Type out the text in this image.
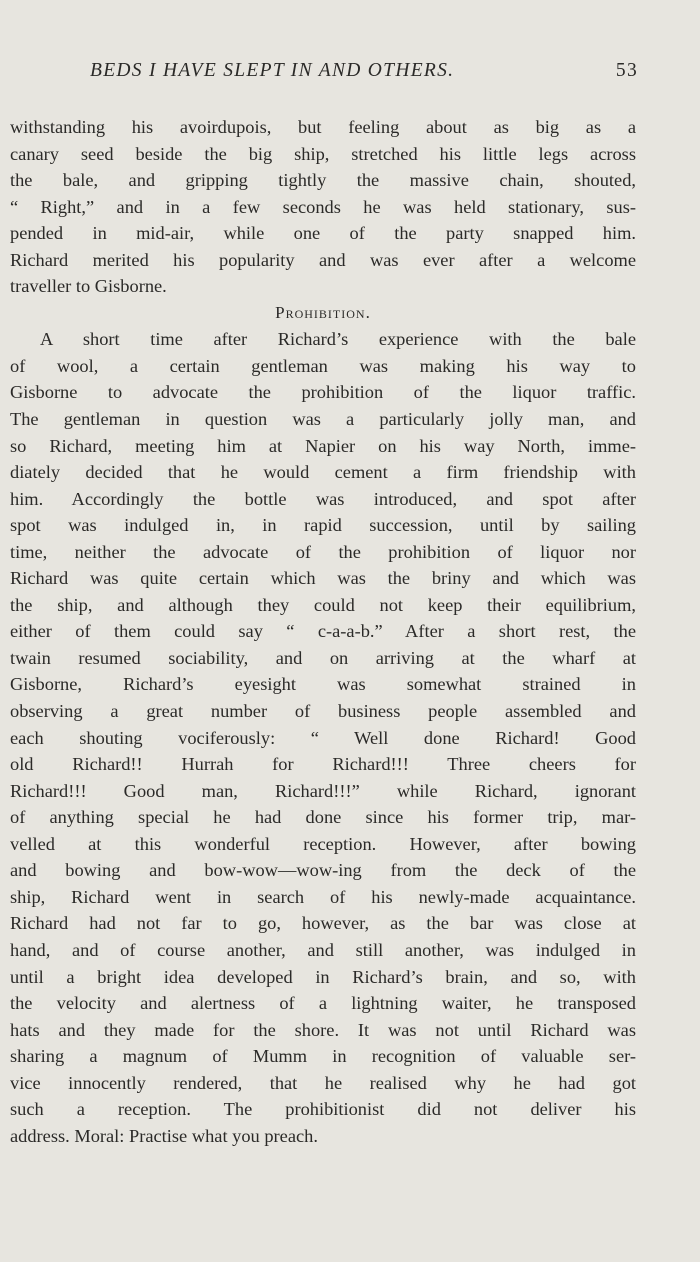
BEDS I HAVE SLEPT IN AND OTHERS.	53
withstanding his avoirdupois, but feeling about as big as a
canary seed beside the big ship, stretched his little legs across
the bale, and gripping tightly the massive chain, shouted,
“ Right,” and in a few seconds he was held stationary, sus-
pended in mid-air, while one of the party snapped him.
Richard merited his popularity and was ever after a welcome
traveller to Gisborne.
Prohibition.
A short time after Richard’s experience with the bale
of wool, a certain gentleman was making his way to
Gisborne to advocate the prohibition of the liquor traffic.
The gentleman in question was a particularly jolly man, and
so Richard, meeting him at Napier on his way North, imme-
diately decided that he would cement a firm friendship with
him. Accordingly the bottle was introduced, and spot after
spot was indulged in, in rapid succession, until by sailing
time, neither the advocate of the prohibition of liquor nor
Richard was quite certain which was the briny and which was
the ship, and although they could not keep their equilibrium,
either of them could say “ c-a-a-b.” After a short rest, the
twain resumed sociability, and on arriving at the wharf at
Gisborne, Richard’s eyesight was somewhat strained in
observing a great number of business people assembled and
each shouting vociferously: “ Well done Richard! Good
old Richard!! Hurrah for Richard!!! Three cheers for
Richard!!! Good man, Richard!!!” while Richard, ignorant
of anything special he had done since his former trip, mar-
velled at this wonderful reception. However, after bowing
and bowing and bow-wow—wow-ing from the deck of the
ship, Richard went in search of his newly-made acquaintance.
Richard had not far to go, however, as the bar was close at
hand, and of course another, and still another, was indulged in
until a bright idea developed in Richard’s brain, and so, with
the velocity and alertness of a lightning waiter, he transposed
hats and they made for the shore. It was not until Richard was
sharing a magnum of Mumm in recognition of valuable ser-
vice innocently rendered, that he realised why he had got
such a reception. The prohibitionist did not deliver his
address. Moral: Practise what you preach.
